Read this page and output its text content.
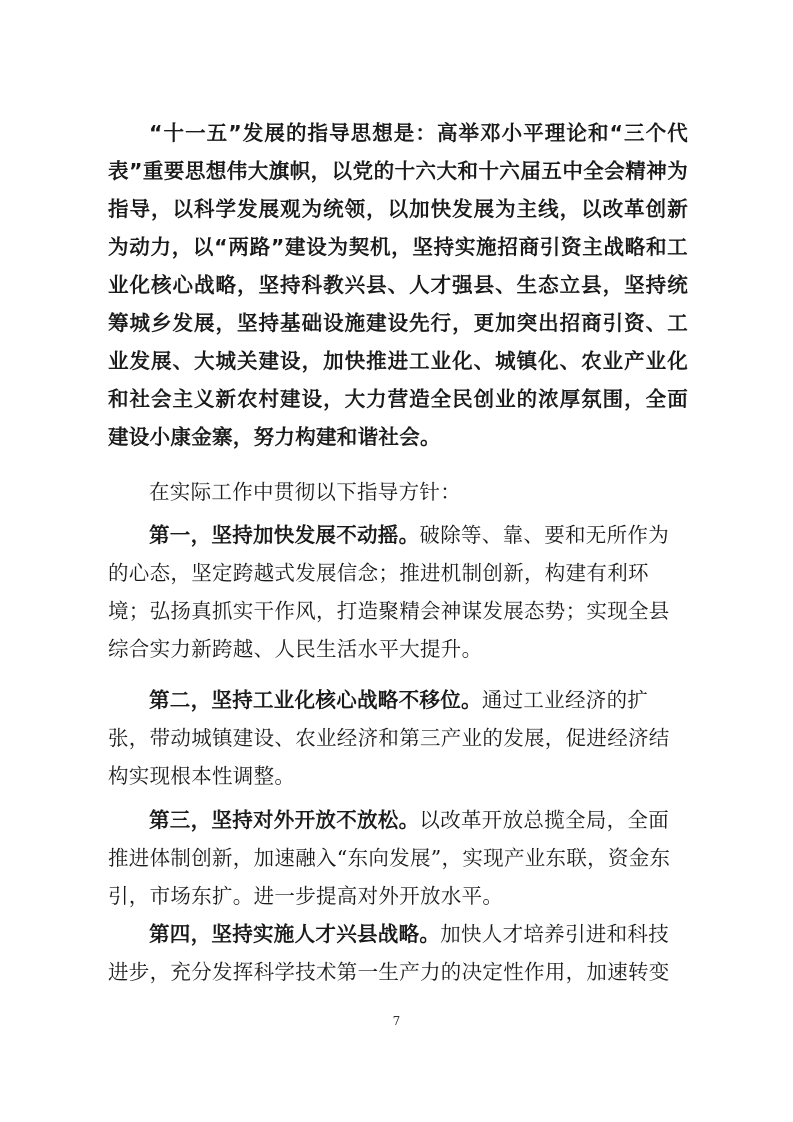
“十一五”发展的指导思想是：高举邓小平理论和“三个代表”重要思想伟大旗帜，以党的十六大和十六届五中全会精神为指导，以科学发展观为统领，以加快发展为主线，以改革创新为动力，以“两路”建设为契机，坚持实施招商引资主战略和工业化核心战略，坚持科教兴县、人才强县、生态立县，坚持统筹城乡发展，坚持基础设施建设先行，更加突出招商引资、工业发展、大城关建设，加快推进工业化、城镇化、农业产业化和社会主义新农村建设，大力营造全民创业的浓厚氛围，全面建设小康金寨，努力构建和谐社会。

在实际工作中贯彻以下指导方针：

第一，坚持加快发展不动摇。破除等、靠、要和无所作为的心态，坚定跨越式发展信念；推进机制创新，构建有利环境；弘扬真抓实干作风，打造聚精会神谋发展态势；实现全县综合实力新跨越、人民生活水平大提升。

第二，坚持工业化核心战略不移位。通过工业经济的扩张，带动城镇建设、农业经济和第三产业的发展，促进经济结构实现根本性调整。

第三，坚持对外开放不放松。以改革开放总揽全局，全面推进体制创新，加速融入“东向发展”，实现产业东联，资金东引，市场东扩。进一步提高对外开放水平。

第四，坚持实施人才兴县战略。加快人才培养引进和科技进步，充分发挥科学技术第一生产力的决定性作用，加速转变

7
